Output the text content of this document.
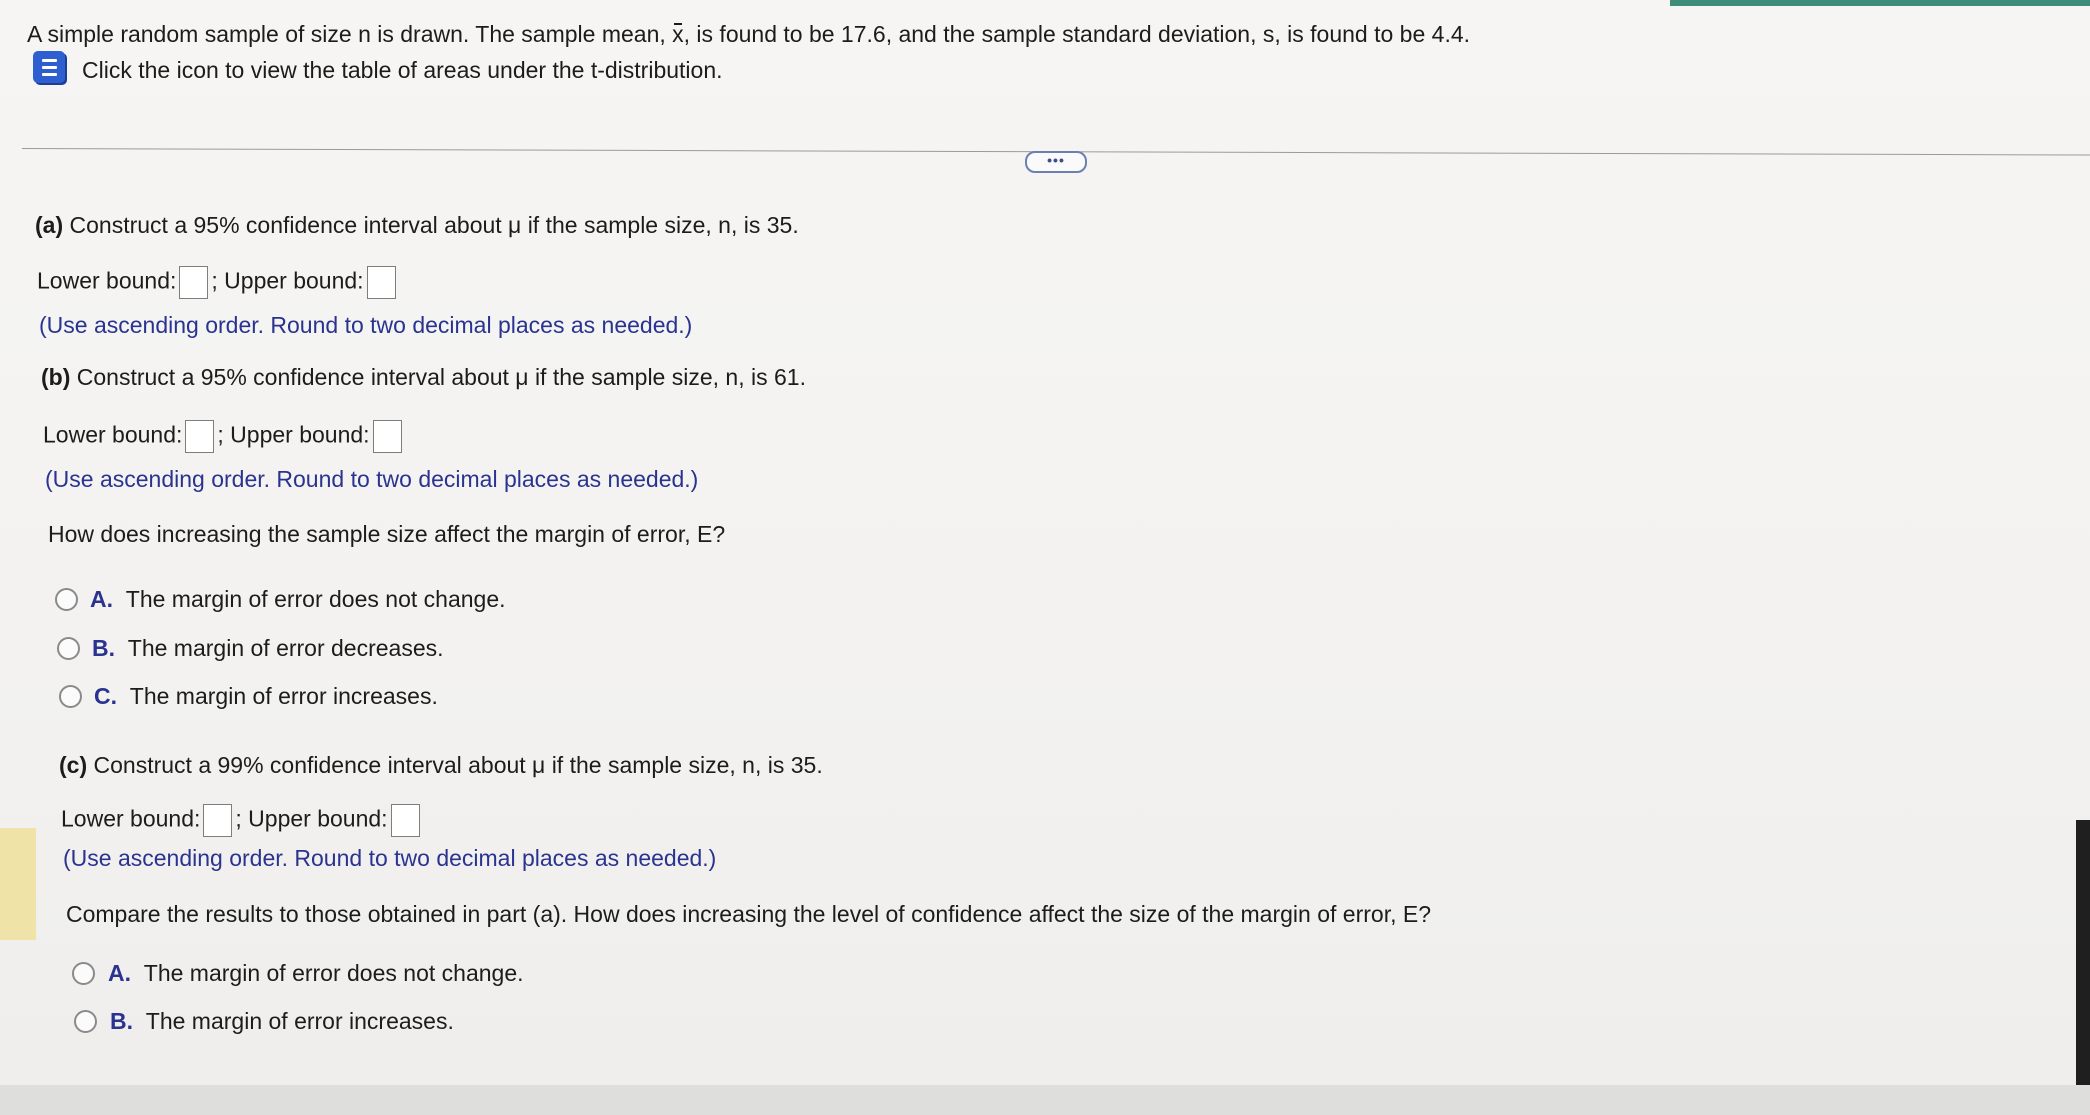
A simple random sample of size n is drawn. The sample mean, x, is found to be 17.6, and the sample standard deviation, s, is found to be 4.4.
Click the icon to view the table of areas under the t-distribution.
•••
(a) Construct a 95% confidence interval about μ if the sample size, n, is 35.
Lower bound: ; Upper bound:
(Use ascending order. Round to two decimal places as needed.)
(b) Construct a 95% confidence interval about μ if the sample size, n, is 61.
Lower bound: ; Upper bound:
(Use ascending order. Round to two decimal places as needed.)
How does increasing the sample size affect the margin of error, E?
A. The margin of error does not change.
B. The margin of error decreases.
C. The margin of error increases.
(c) Construct a 99% confidence interval about μ if the sample size, n, is 35.
Lower bound: ; Upper bound:
(Use ascending order. Round to two decimal places as needed.)
Compare the results to those obtained in part (a). How does increasing the level of confidence affect the size of the margin of error, E?
A. The margin of error does not change.
B. The margin of error increases.
